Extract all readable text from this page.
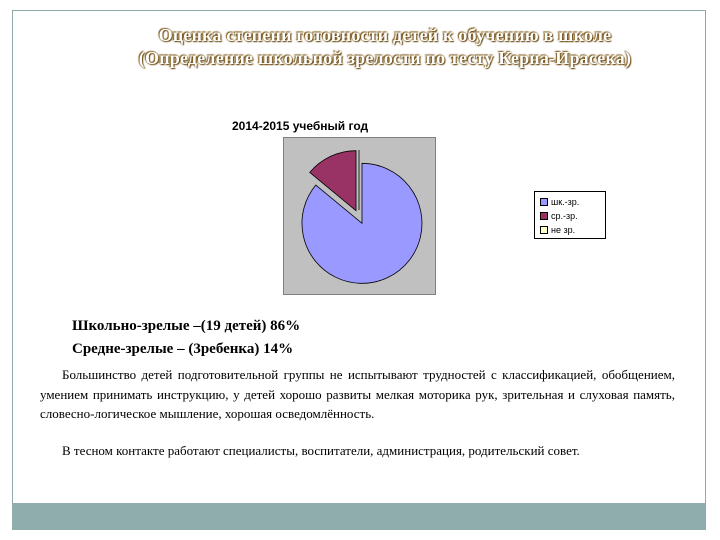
Оценка степени готовности детей к обучению в школе
(Определение школьной зрелости по тесту Керна-Ирасека)
2014-2015 учебный год
шк.-зр.
ср.-зр.
не зр.
Школьно-зрелые –(19 детей) 86%
Средне-зрелые – (3ребенка) 14%

Большинство детей подготовительной группы не испытывают трудностей с классификацией, обобщением, умением принимать инструкцию, у детей хорошо развиты мелкая моторика рук, зрительная и слуховая память, словесно-логическое мышление, хорошая осведомлённость.

В тесном контакте работают специалисты, воспитатели, администрация, родительский совет.
